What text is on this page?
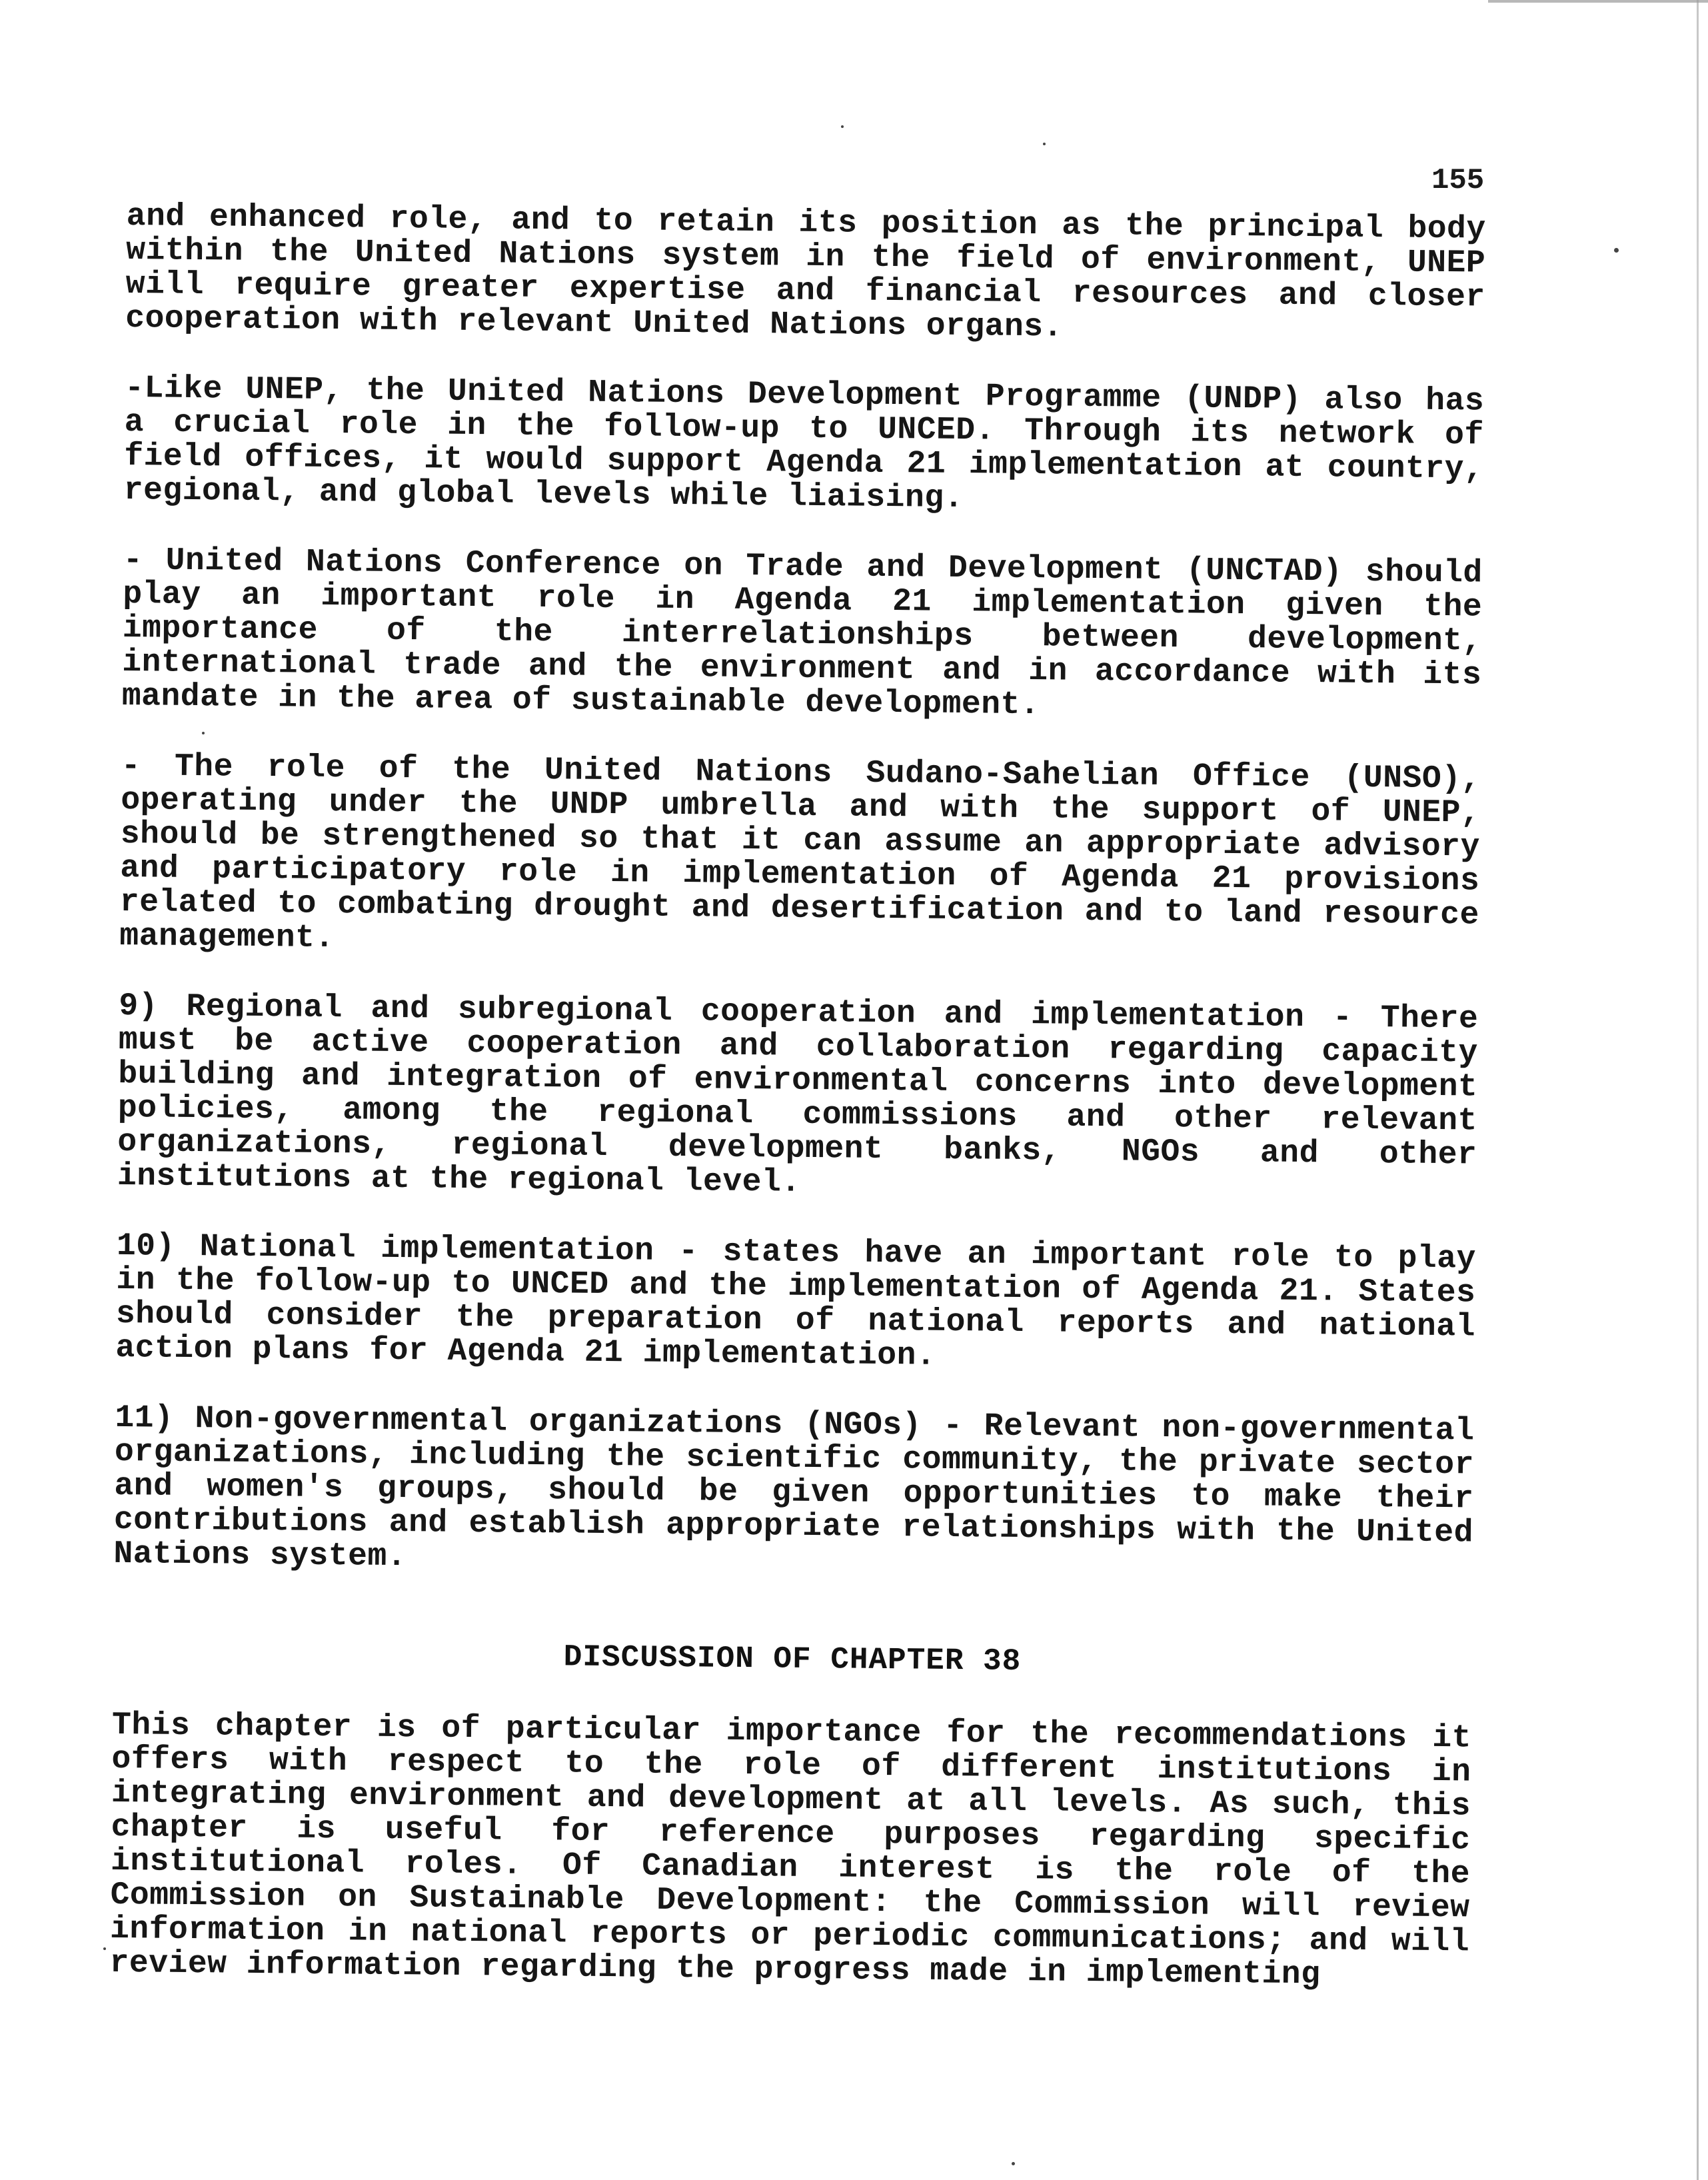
155

and enhanced role, and to retain its position as the principal body within the United Nations system in the field of environment, UNEP will require greater expertise and financial resources and closer cooperation with relevant United Nations organs.

-Like UNEP, the United Nations Development Programme (UNDP) also has a crucial role in the follow-up to UNCED. Through its network of field offices, it would support Agenda 21 implementation at country, regional, and global levels while liaising.

- United Nations Conference on Trade and Development (UNCTAD) should play an important role in Agenda 21 implementation given the importance of the interrelationships between development, international trade and the environment and in accordance with its mandate in the area of sustainable development.

- The role of the United Nations Sudano-Sahelian Office (UNSO), operating under the UNDP umbrella and with the support of UNEP, should be strengthened so that it can assume an appropriate advisory and participatory role in implementation of Agenda 21 provisions related to combating drought and desertification and to land resource management.

9) Regional and subregional cooperation and implementation - There must be active cooperation and collaboration regarding capacity building and integration of environmental concerns into development policies, among the regional commissions and other relevant organizations, regional development banks, NGOs and other institutions at the regional level.

10) National implementation - states have an important role to play in the follow-up to UNCED and the implementation of Agenda 21. States should consider the preparation of national reports and national action plans for Agenda 21 implementation.

11) Non-governmental organizations (NGOs) - Relevant non-governmental organizations, including the scientific community, the private sector and women's groups, should be given opportunities to make their contributions and establish appropriate relationships with the United Nations system.

DISCUSSION OF CHAPTER 38

This chapter is of particular importance for the recommendations it offers with respect to the role of different institutions in integrating environment and development at all levels. As such, this chapter is useful for reference purposes regarding specific institutional roles. Of Canadian interest is the role of the Commission on Sustainable Development: the Commission will review information in national reports or periodic communications; and will review information regarding the progress made in implementing
